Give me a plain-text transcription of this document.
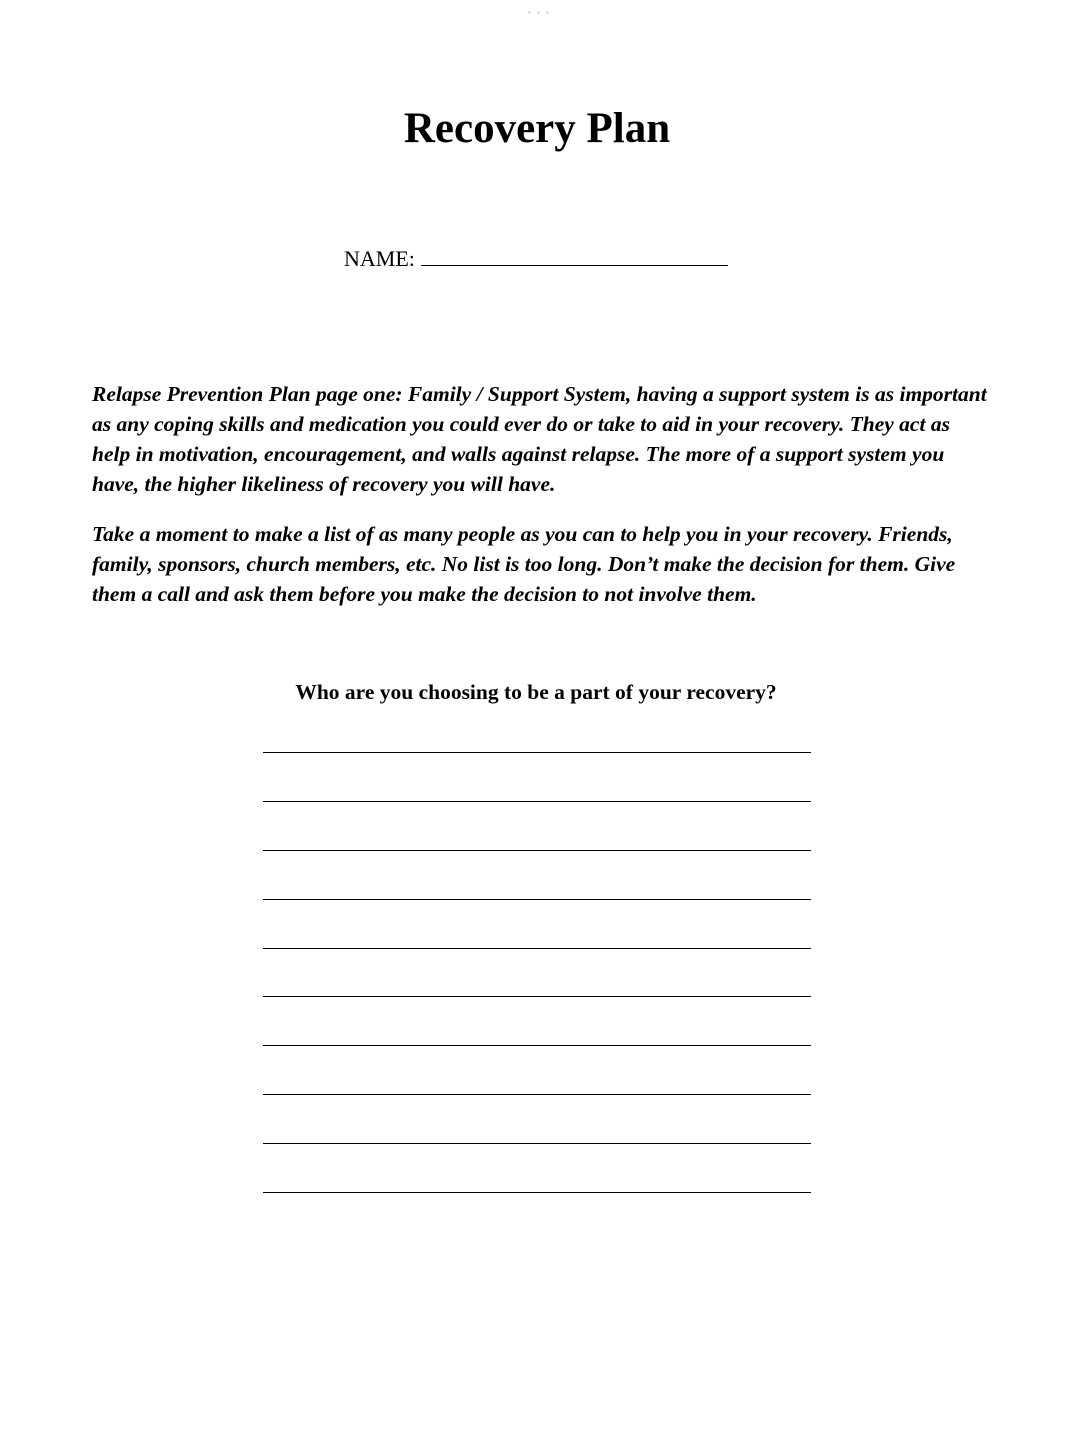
•••
Recovery Plan
NAME:

Relapse Prevention Plan page one: Family / Support System, having a support system is as important as any coping skills and medication you could ever do or take to aid in your recovery. They act as help in motivation, encouragement, and walls against relapse. The more of a support system you have, the higher likeliness of recovery you will have.

Take a moment to make a list of as many people as you can to help you in your recovery. Friends, family, sponsors, church members, etc. No list is too long. Don’t make the decision for them. Give them a call and ask them before you make the decision to not involve them.

Who are you choosing to be a part of your recovery?
